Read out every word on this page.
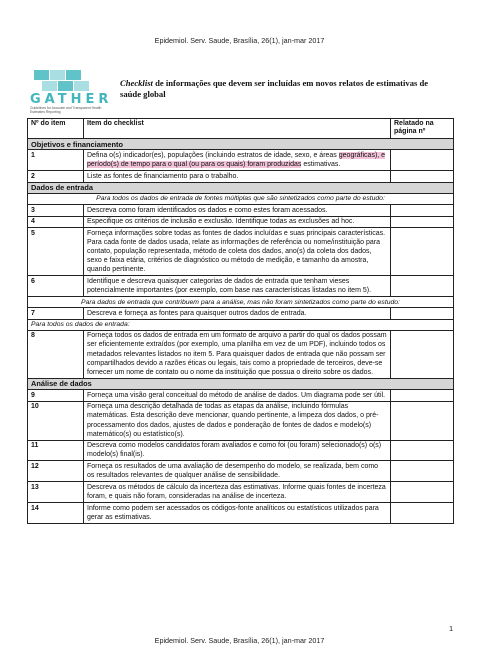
Epidemiol. Serv. Saude, Brasília, 26(1), jan-mar 2017
GATHER
Guidelines for Accurate and Transparent Health Estimates Reporting
Checklist de informações que devem ser incluídas em novos relatos de estimativas de saúde global
Nº do item	Item do checklist	Relatado na página nº
Objetivos e financiamento		
1	Defina o(s) indicador(es), populações (incluindo estratos de idade, sexo, e áreas geográficas), e período(s) de tempo para o qual (ou para os quais) foram produzidas estimativas.	
2	Liste as fontes de financiamento para o trabalho.	
Dados de entrada		
Para todos os dados de entrada de fontes múltiplas que são sintetizados como parte do estudo:		
3	Descreva como foram identificados os dados e como estes foram acessados.	
4	Especifique os critérios de inclusão e exclusão. Identifique todas as exclusões ad hoc.	
5	Forneça informações sobre todas as fontes de dados incluídas e suas principais características. Para cada fonte de dados usada, relate as informações de referência ou nome/instituição para contato, população representada, método de coleta dos dados, ano(s) da coleta dos dados, sexo e faixa etária, critérios de diagnóstico ou método de medição, e tamanho da amostra, quando pertinente.	
6	Identifique e descreva quaisquer categorias de dados de entrada que tenham vieses potencialmente importantes (por exemplo, com base nas características listadas no item 5).	
Para dados de entrada que contribuem para a análise, mas não foram sintetizados como parte do estudo:		
7	Descreva e forneça as fontes para quaisquer outros dados de entrada.	
Para todos os dados de entrada:		
8	Forneça todos os dados de entrada em um formato de arquivo a partir do qual os dados possam ser eficientemente extraídos (por exemplo, uma planilha em vez de um PDF), incluindo todos os metadados relevantes listados no item 5. Para quaisquer dados de entrada que não possam ser compartilhados devido a razões éticas ou legais, tais como a propriedade de terceiros, deve-se fornecer um nome de contato ou o nome da instituição que possua o direito sobre os dados.	
Análise de dados		
9	Forneça uma visão geral conceitual do método de análise de dados. Um diagrama pode ser útil.	
10	Forneça uma descrição detalhada de todas as etapas da análise, incluindo fórmulas matemáticas. Esta descrição deve mencionar, quando pertinente, a limpeza dos dados, o pré-processamento dos dados, ajustes de dados e ponderação de fontes de dados e modelo(s) matemático(s) ou estatístico(s).	
11	Descreva como modelos candidatos foram avaliados e como foi (ou foram) selecionado(s) o(s) modelo(s) final(is).	
12	Forneça os resultados de uma avaliação de desempenho do modelo, se realizada, bem como os resultados relevantes de qualquer análise de sensibilidade.	
13	Descreva os métodos de cálculo da incerteza das estimativas. Informe quais fontes de incerteza foram, e quais não foram, consideradas na análise de incerteza.	
14	Informe como podem ser acessados os códigos-fonte analíticos ou estatísticos utilizados para gerar as estimativas.	
1
Epidemiol. Serv. Saude, Brasília, 26(1), jan-mar 2017
